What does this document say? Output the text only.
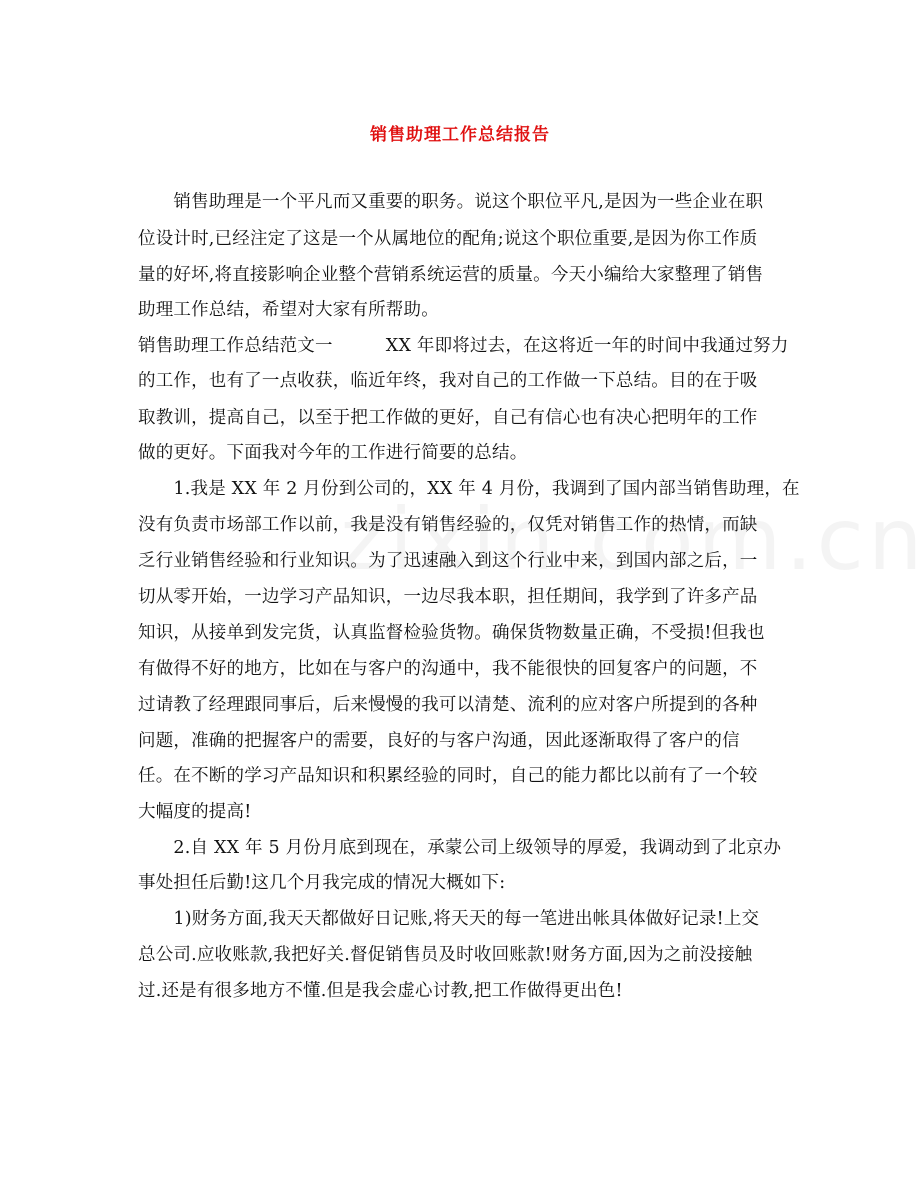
销售助理工作总结报告
　　销售助理是一个平凡而又重要的职务。说这个职位平凡,是因为一些企业在职
位设计时,已经注定了这是一个从属地位的配角;说这个职位重要,是因为你工作质
量的好坏,将直接影响企业整个营销系统运营的质量。今天小编给大家整理了销售
助理工作总结，希望对大家有所帮助。
销售助理工作总结范文一　　　XX 年即将过去，在这将近一年的时间中我通过努力
的工作，也有了一点收获，临近年终，我对自己的工作做一下总结。目的在于吸
取教训，提高自己，以至于把工作做的更好，自己有信心也有决心把明年的工作
做的更好。下面我对今年的工作进行简要的总结。
　　1.我是 XX 年 2 月份到公司的，XX 年 4 月份，我调到了国内部当销售助理，在
没有负责市场部工作以前，我是没有销售经验的，仅凭对销售工作的热情，而缺
乏行业销售经验和行业知识。为了迅速融入到这个行业中来，到国内部之后，一
切从零开始，一边学习产品知识，一边尽我本职，担任期间，我学到了许多产品
知识，从接单到发完货，认真监督检验货物。确保货物数量正确，不受损!但我也
有做得不好的地方，比如在与客户的沟通中，我不能很快的回复客户的问题，不
过请教了经理跟同事后，后来慢慢的我可以清楚、流利的应对客户所提到的各种
问题，准确的把握客户的需要，良好的与客户沟通，因此逐渐取得了客户的信
任。在不断的学习产品知识和积累经验的同时，自己的能力都比以前有了一个较
大幅度的提高!
　　2.自 XX 年 5 月份月底到现在，承蒙公司上级领导的厚爱，我调动到了北京办
事处担任后勤!这几个月我完成的情况大概如下:
　　1)财务方面,我天天都做好日记账,将天天的每一笔进出帐具体做好记录!上交
总公司.应收账款,我把好关.督促销售员及时收回账款!财务方面,因为之前没接触
过.还是有很多地方不懂.但是我会虚心讨教,把工作做得更出色!
